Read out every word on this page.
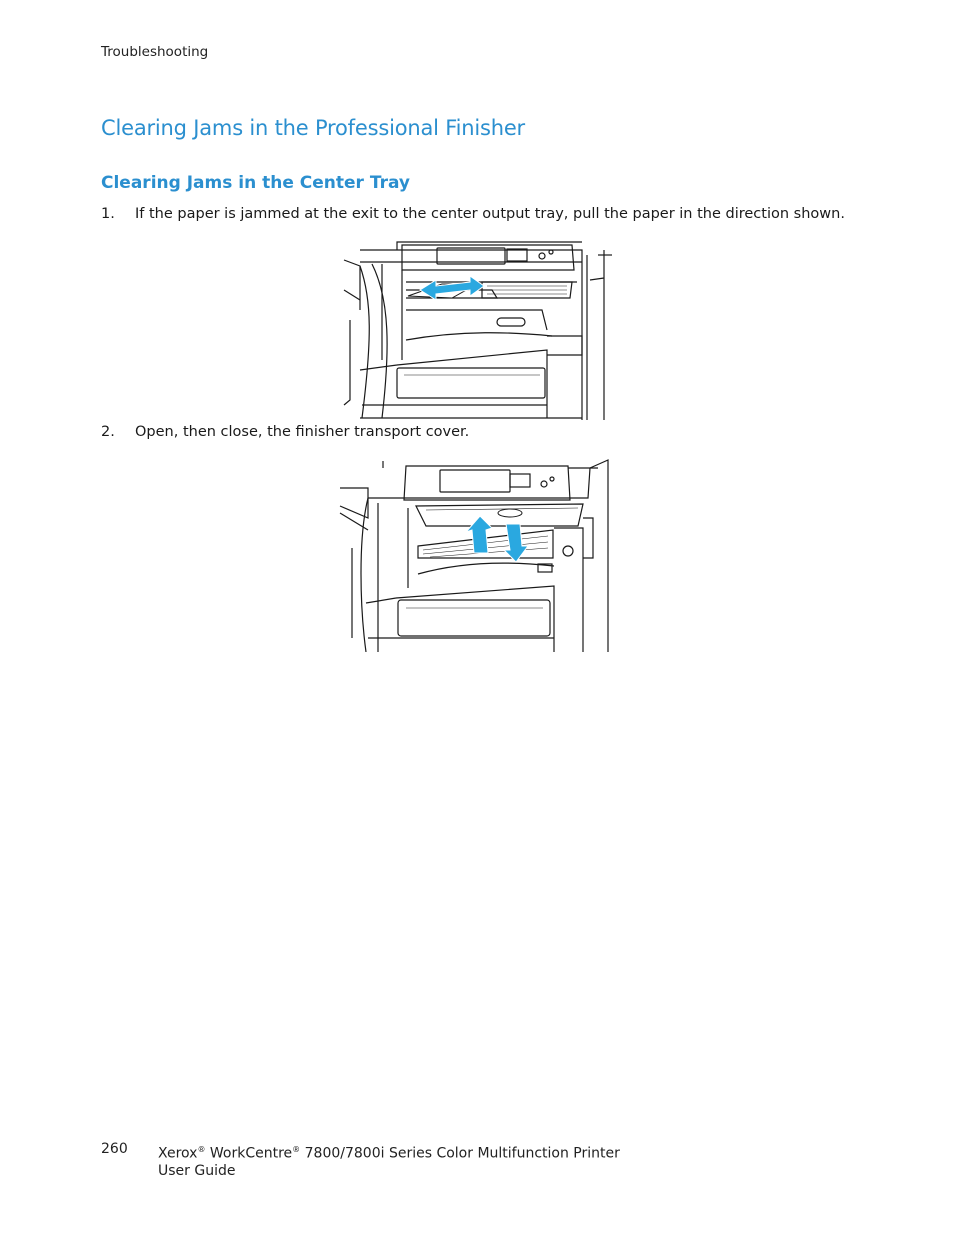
Troubleshooting
Clearing Jams in the Professional Finisher
Clearing Jams in the Center Tray
1.	If the paper is jammed at the exit to the center output tray, pull the paper in the direction shown.
2.	Open, then close, the finisher transport cover.
260 Xerox® WorkCentre® 7800/7800i Series Color Multifunction Printer
User Guide
